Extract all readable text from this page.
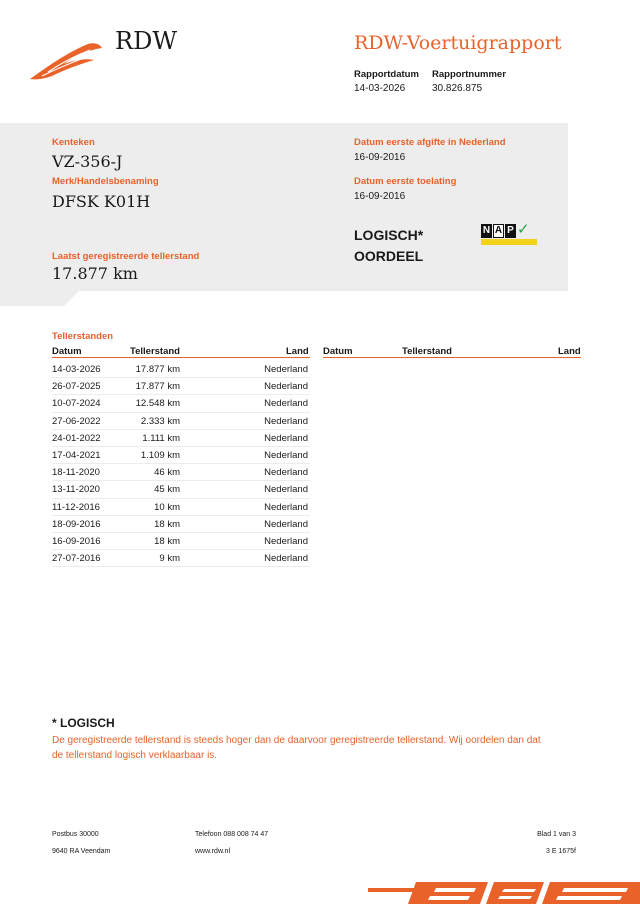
RDW	RDW-Voertuigrapport
Rapportdatum
14-03-2026
Rapportnummer
30.826.875
Kenteken
VZ-356-J
Merk/Handelsbenaming
DFSK K01H
Laatst geregistreerde tellerstand
17.877 km
Datum eerste afgifte in Nederland
16-09-2016
Datum eerste toelating
16-09-2016
LOGISCH*
OORDEEL
N A P ✓
Tellerstanden
Datum	Tellerstand	Land Datum	Tellerstand	Land
14-03-2026	17.877 km	Nederland
26-07-2025	17.877 km	Nederland
10-07-2024	12.548 km	Nederland
27-06-2022	2.333 km	Nederland
24-01-2022	1.111 km	Nederland
17-04-2021	1.109 km	Nederland
18-11-2020	46 km	Nederland
13-11-2020	45 km	Nederland
11-12-2016	10 km	Nederland
18-09-2016	18 km	Nederland
16-09-2016	18 km	Nederland
27-07-2016	9 km	Nederland
* LOGISCH
De geregistreerde tellerstand is steeds hoger dan de daarvoor geregistreerde tellerstand. Wij oordelen dan dat de tellerstand logisch verklaarbaar is.
Postbus 30000
9640 RA Veendam
Telefoon 088 008 74 47
www.rdw.nl
Blad 1 van 3
3 E 1675f
